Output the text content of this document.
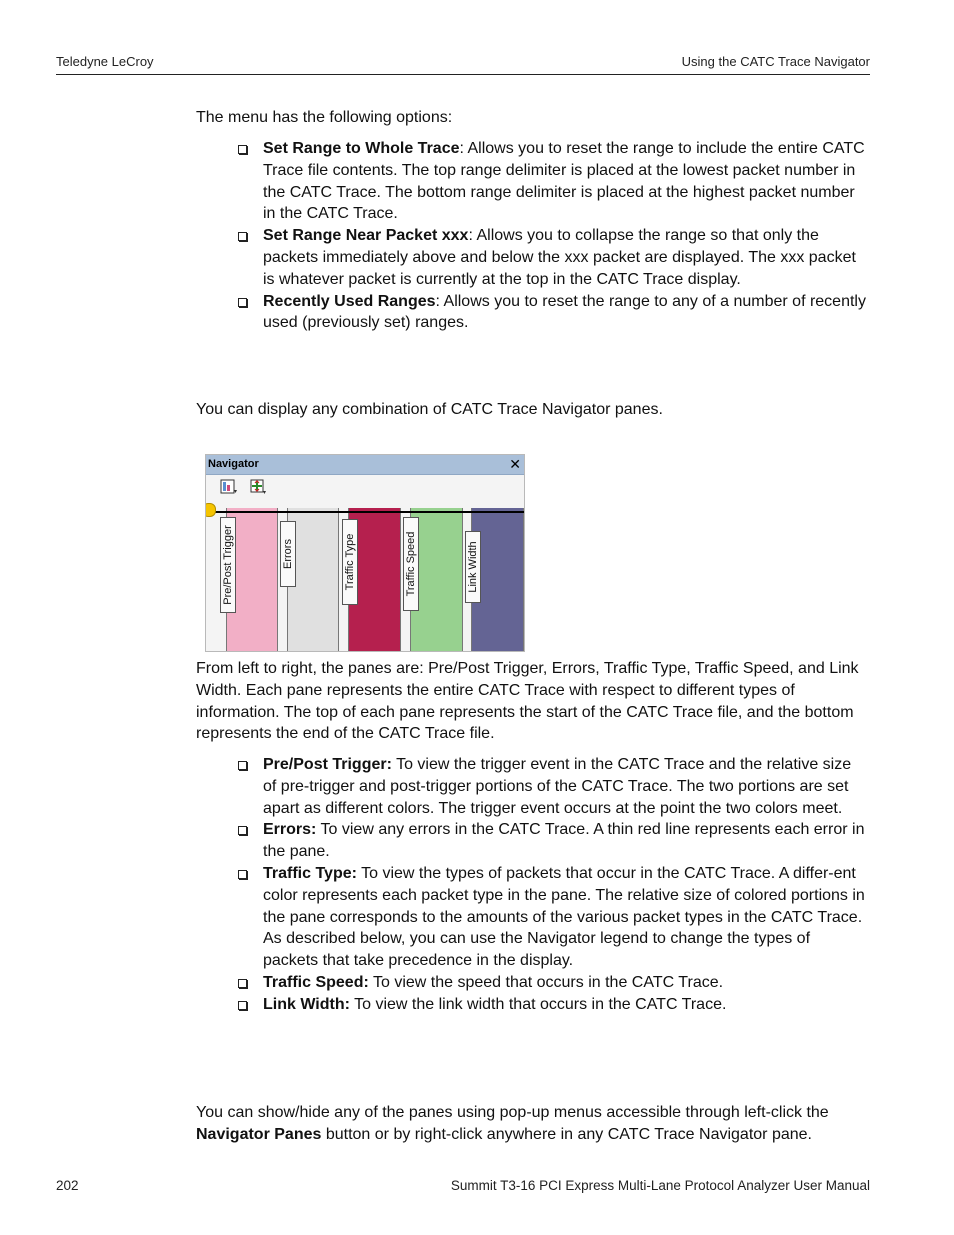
Teledyne LeCroy	Using the CATC Trace Navigator
The menu has the following options:
Set Range to Whole Trace: Allows you to reset the range to include the entire CATC Trace file contents. The top range delimiter is placed at the lowest packet number in the CATC Trace. The bottom range delimiter is placed at the highest packet number in the CATC Trace.
Set Range Near Packet xxx: Allows you to collapse the range so that only the packets immediately above and below the xxx packet are displayed. The xxx packet is whatever packet is currently at the top in the CATC Trace display.
Recently Used Ranges: Allows you to reset the range to any of a number of recently used (previously set) ranges.
You can display any combination of CATC Trace Navigator panes.
Navigator	✕
Pre/Post Trigger	Errors	Traffic Type	Traffic Speed	Link Width
From left to right, the panes are: Pre/Post Trigger, Errors, Traffic Type, Traffic Speed, and Link Width. Each pane represents the entire CATC Trace with respect to different types of information. The top of each pane represents the start of the CATC Trace file, and the bottom represents the end of the CATC Trace file.
Pre/Post Trigger: To view the trigger event in the CATC Trace and the relative size of pre-trigger and post-trigger portions of the CATC Trace. The two portions are set apart as different colors. The trigger event occurs at the point the two colors meet.
Errors: To view any errors in the CATC Trace. A thin red line represents each error in the pane.
Traffic Type: To view the types of packets that occur in the CATC Trace. A differ-ent color represents each packet type in the pane. The relative size of colored portions in the pane corresponds to the amounts of the various packet types in the CATC Trace. As described below, you can use the Navigator legend to change the types of packets that take precedence in the display.
Traffic Speed: To view the speed that occurs in the CATC Trace.
Link Width: To view the link width that occurs in the CATC Trace.
You can show/hide any of the panes using pop-up menus accessible through left-click the Navigator Panes button or by right-click anywhere in any CATC Trace Navigator pane.
202	Summit T3-16 PCI Express Multi-Lane Protocol Analyzer User Manual
